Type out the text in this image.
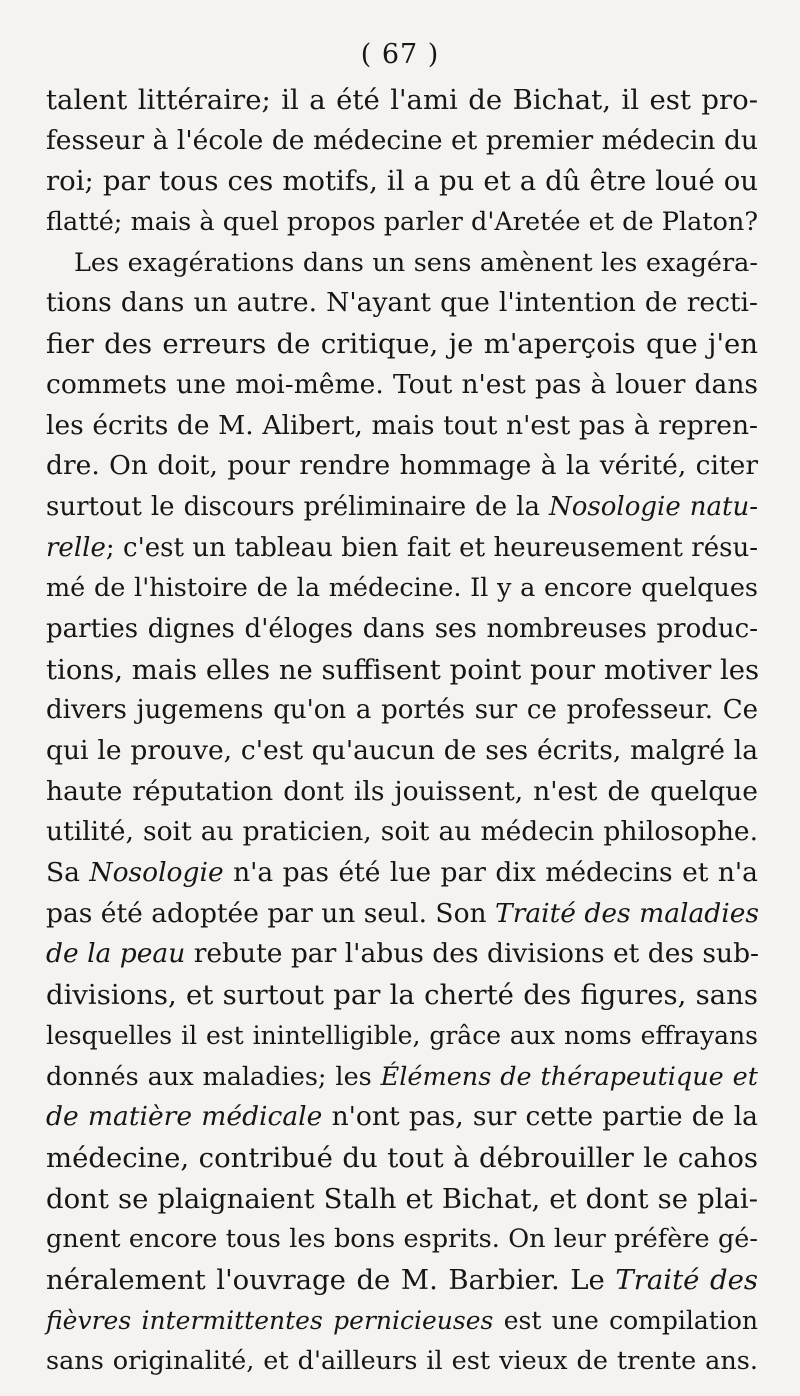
( 67 )
talent littéraire; il a été l'ami de Bichat, il est pro-
fesseur à l'école de médecine et premier médecin du
roi; par tous ces motifs, il a pu et a dû être loué ou
flatté; mais à quel propos parler d'Aretée et de Platon?
Les exagérations dans un sens amènent les exagéra-
tions dans un autre. N'ayant que l'intention de recti-
fier des erreurs de critique, je m'aperçois que j'en
commets une moi-même. Tout n'est pas à louer dans
les écrits de M. Alibert, mais tout n'est pas à repren-
dre. On doit, pour rendre hommage à la vérité, citer
surtout le discours préliminaire de la Nosologie natu-
relle; c'est un tableau bien fait et heureusement résu-
mé de l'histoire de la médecine. Il y a encore quelques
parties dignes d'éloges dans ses nombreuses produc-
tions, mais elles ne suffisent point pour motiver les
divers jugemens qu'on a portés sur ce professeur. Ce
qui le prouve, c'est qu'aucun de ses écrits, malgré la
haute réputation dont ils jouissent, n'est de quelque
utilité, soit au praticien, soit au médecin philosophe.
Sa Nosologie n'a pas été lue par dix médecins et n'a
pas été adoptée par un seul. Son Traité des maladies
de la peau rebute par l'abus des divisions et des sub-
divisions, et surtout par la cherté des figures, sans
lesquelles il est inintelligible, grâce aux noms effrayans
donnés aux maladies; les Élémens de thérapeutique et
de matière médicale n'ont pas, sur cette partie de la
médecine, contribué du tout à débrouiller le cahos
dont se plaignaient Stalh et Bichat, et dont se plai-
gnent encore tous les bons esprits. On leur préfère gé-
néralement l'ouvrage de M. Barbier. Le Traité des
fièvres intermittentes pernicieuses est une compilation
sans originalité, et d'ailleurs il est vieux de trente ans.
